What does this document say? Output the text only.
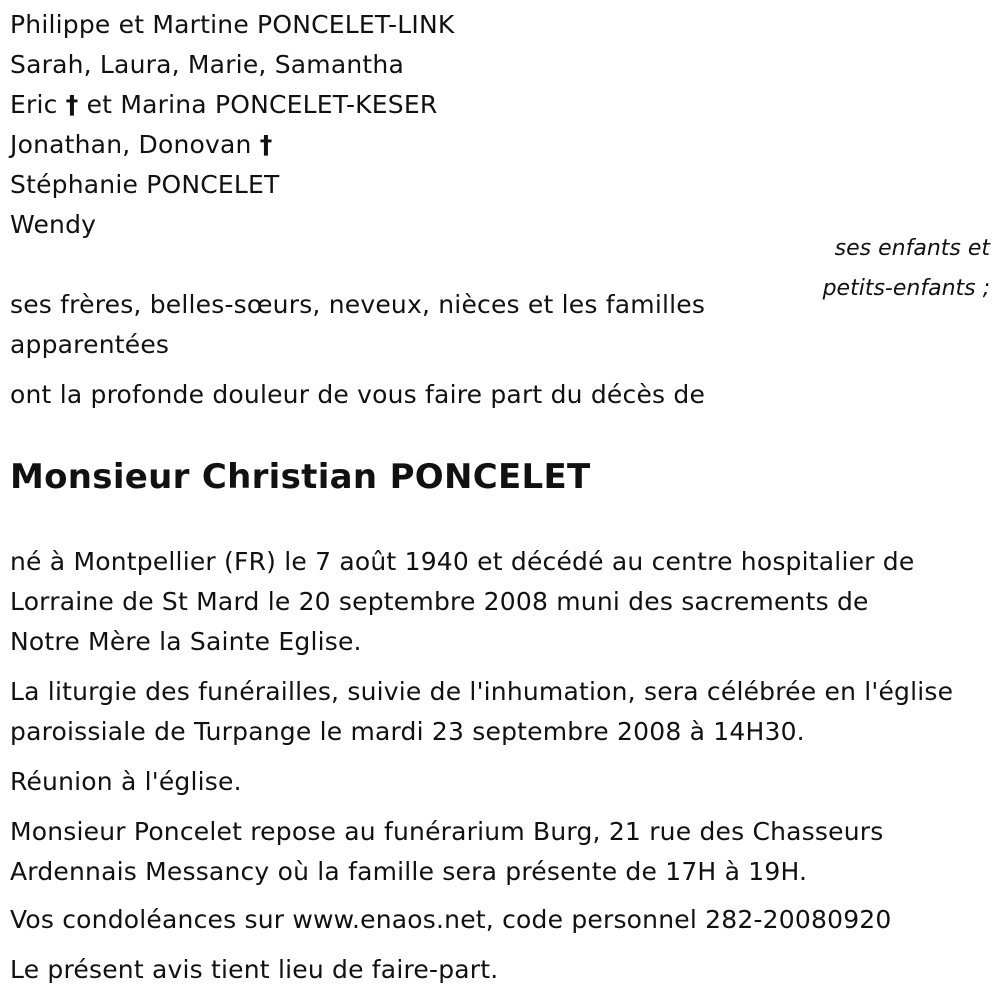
Philippe et Martine PONCELET-LINK
Sarah, Laura, Marie, Samantha
Eric † et Marina PONCELET-KESER
Jonathan, Donovan †
Stéphanie PONCELET
Wendy
ses enfants et
petits-enfants ;
ses frères, belles-sœurs, neveux, nièces et les familles
apparentées
ont la profonde douleur de vous faire part du décès de
Monsieur Christian PONCELET
né à Montpellier (FR) le 7 août 1940 et décédé au centre hospitalier de
Lorraine de St Mard le 20 septembre 2008 muni des sacrements de
Notre Mère la Sainte Eglise.
La liturgie des funérailles, suivie de l'inhumation, sera célébrée en l'église
paroissiale de Turpange le mardi 23 septembre 2008 à 14H30.
Réunion à l'église.
Monsieur Poncelet repose au funérarium Burg, 21 rue des Chasseurs
Ardennais Messancy où la famille sera présente de 17H à 19H.
Vos condoléances sur www.enaos.net, code personnel 282-20080920
Le présent avis tient lieu de faire-part.
